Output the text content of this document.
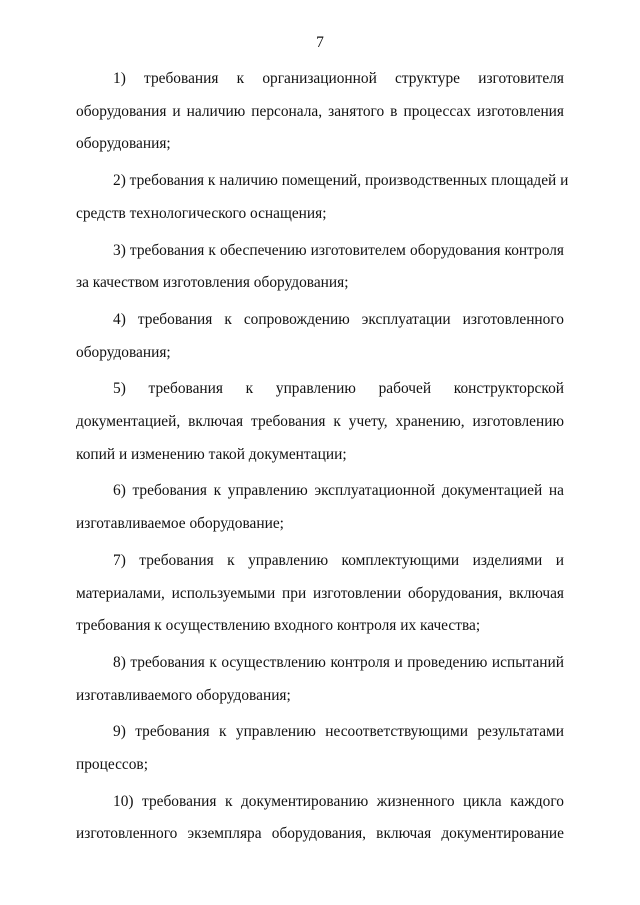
7

1) требования к организационной структуре изготовителя
оборудования и наличию персонала, занятого в процессах изготовления
оборудования;

2) требования к наличию помещений, производственных площадей и
средств технологического оснащения;

3) требования к обеспечению изготовителем оборудования контроля
за качеством изготовления оборудования;

4) требования к сопровождению эксплуатации изготовленного
оборудования;

5) требования к управлению рабочей конструкторской
документацией, включая требования к учету, хранению, изготовлению
копий и изменению такой документации;

6) требования к управлению эксплуатационной документацией на
изготавливаемое оборудование;

7) требования к управлению комплектующими изделиями и
материалами, используемыми при изготовлении оборудования, включая
требования к осуществлению входного контроля их качества;

8) требования к осуществлению контроля и проведению испытаний
изготавливаемого оборудования;

9) требования к управлению несоответствующими результатами
процессов;

10) требования к документированию жизненного цикла каждого
изготовленного экземпляра оборудования, включая документирование
